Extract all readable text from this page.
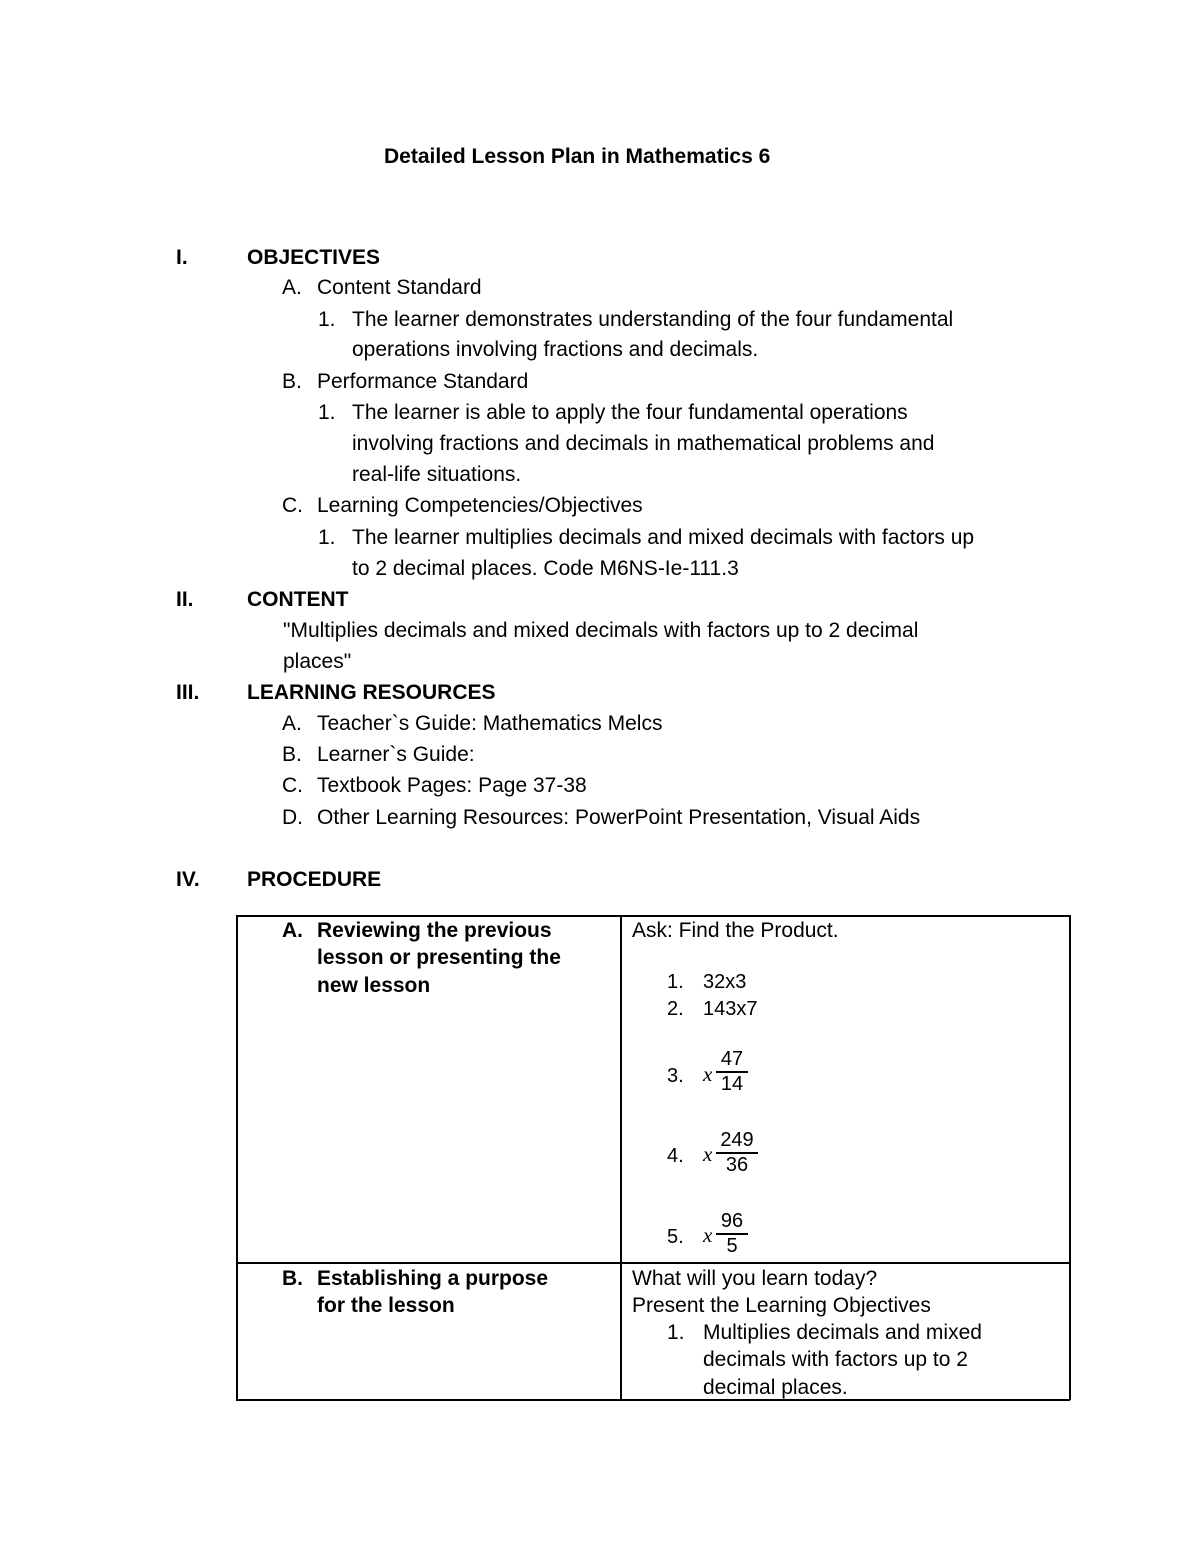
Detailed Lesson Plan in Mathematics 6
I.	OBJECTIVES
A. Content Standard
1. The learner demonstrates understanding of the four fundamental
operations involving fractions and decimals.
B. Performance Standard
1. The learner is able to apply the four fundamental operations
involving fractions and decimals in mathematical problems and
real-life situations.
C. Learning Competencies/Objectives
1. The learner multiplies decimals and mixed decimals with factors up
to 2 decimal places. Code M6NS-Ie-111.3
II.	CONTENT
"Multiplies decimals and mixed decimals with factors up to 2 decimal
places"
III. LEARNING RESOURCES
A. Teacher`s Guide: Mathematics Melcs
B. Learner`s Guide:
C. Textbook Pages: Page 37-38
D. Other Learning Resources: PowerPoint Presentation, Visual Aids
IV. PROCEDURE
A. Reviewing the previous
lesson or presenting the
new lesson
Ask: Find the Product.
1. 32x3
2. 143x7
3. x
47
14
4. x
249
36
5. x
96
5
B. Establishing a purpose
for the lesson
What will you learn today?
Present the Learning Objectives
1. Multiplies decimals and mixed
decimals with factors up to 2
decimal places.
